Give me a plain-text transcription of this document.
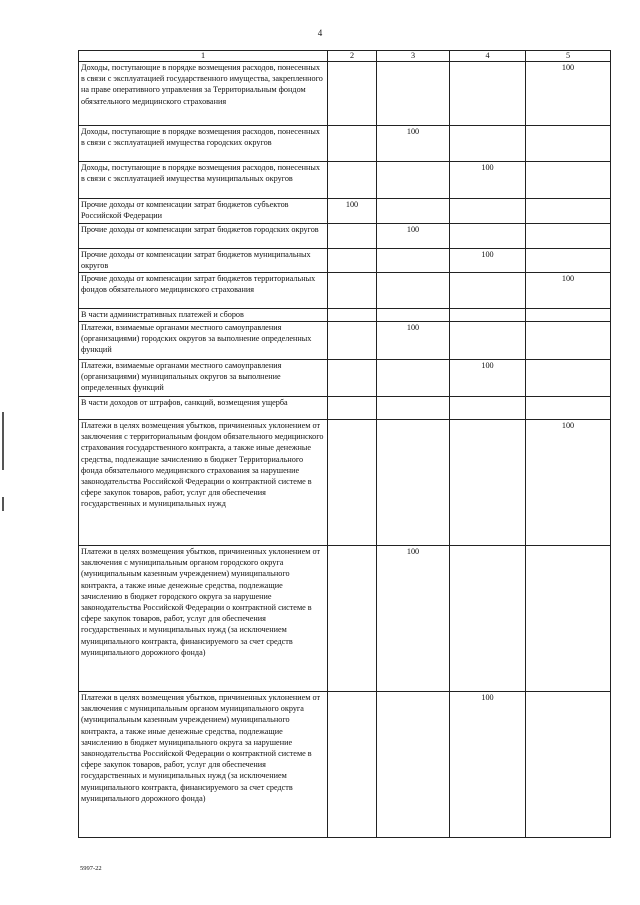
4
1	2	3	4	5
Доходы, поступающие в порядке возмещения расходов, понесенных в связи с эксплуатацией государственного имущества, закрепленного на праве оперативного управления за Территориальным фондом обязательного медицинского страхования				100
Доходы, поступающие в порядке возмещения расходов, понесенных в связи с эксплуатацией имущества городских округов		100		
Доходы, поступающие в порядке возмещения расходов, понесенных в связи с эксплуатацией имущества муниципальных округов			100	
Прочие доходы от компенсации затрат бюджетов субъектов Российской Федерации	100			
Прочие доходы от компенсации затрат бюджетов городских округов		100		
Прочие доходы от компенсации затрат бюджетов муниципальных округов			100	
Прочие доходы от компенсации затрат бюджетов территориальных фондов обязательного медицинского страхования				100
В части административных платежей и сборов				
Платежи, взимаемые органами местного самоуправления (организациями) городских округов за выполнение определенных функций		100		
Платежи, взимаемые органами местного самоуправления (организациями) муниципальных округов за выполнение определенных функций			100	
В части доходов от штрафов, санкций, возмещения ущерба				
Платежи в целях возмещения убытков, причиненных уклонением от заключения с территориальным фондом обязательного медицинского страхования государственного контракта, а также иные денежные средства, подлежащие зачислению в бюджет Территориального фонда обязательного медицинского страхования за нарушение законодательства Российской Федерации о контрактной системе в сфере закупок товаров, работ, услуг для обеспечения государственных и муниципальных нужд				100
Платежи в целях возмещения убытков, причиненных уклонением от заключения с муниципальным органом городского округа (муниципальным казенным учреждением) муниципального контракта, а также иные денежные средства, подлежащие зачислению в бюджет городского округа за нарушение законодательства Российской Федерации о контрактной системе в сфере закупок товаров, работ, услуг для обеспечения государственных и муниципальных нужд (за исключением муниципального контракта, финансируемого за счет средств муниципального дорожного фонда)		100		
Платежи в целях возмещения убытков, причиненных уклонением от заключения с муниципальным органом муниципального округа (муниципальным казенным учреждением) муниципального контракта, а также иные денежные средства, подлежащие зачислению в бюджет муниципального округа за нарушение законодательства Российской Федерации о контрактной системе в сфере закупок товаров, работ, услуг для обеспечения государственных и муниципальных нужд (за исключением муниципального контракта, финансируемого за счет средств муниципального дорожного фонда)			100	
5997-22
